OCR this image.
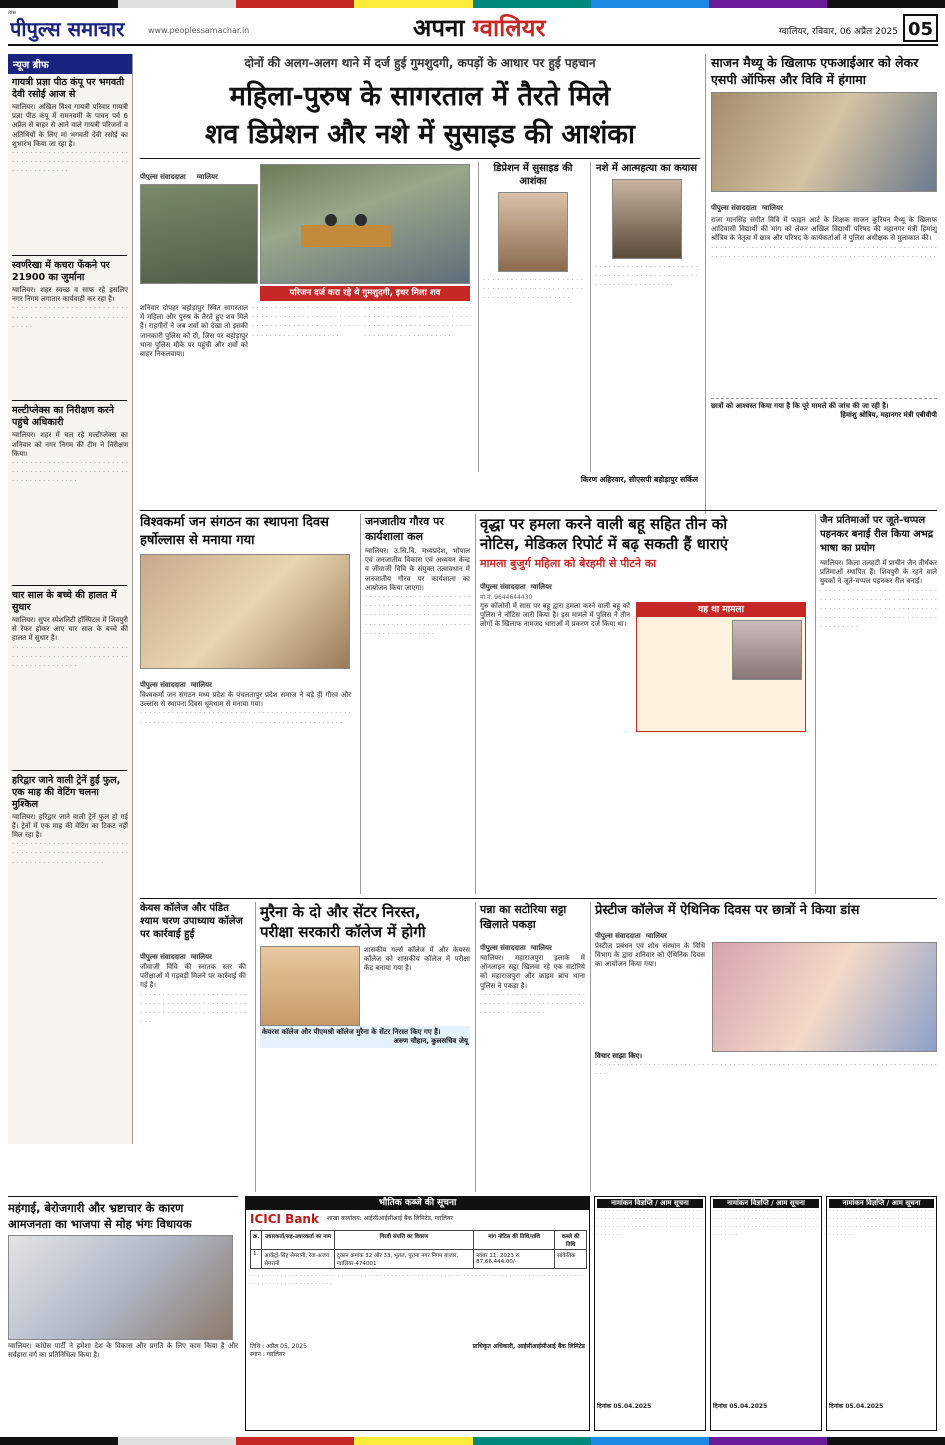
लेटेस्ट
पीपुल्स समाचार	www.peoplessamachar.in	अपना ग्वालियर	ग्वालियर, रविवार, 06 अप्रैल 2025 05
न्यूज ब्रीफ
गायत्री प्रज्ञा पीठ कंपू पर भगवती देवी रसोई आज से
ग्वालियर। अखिल विश्व गायत्री परिवार गायत्री प्रज्ञा पीठ कंपू में रामनवमी के पावन पर्व 6 अप्रैल से बाहर से आने वाले गायत्री परिजनों व अतिथियों के लिए मां भगवती देवी रसोई का शुभारंभ किया जा रहा है।
· · · · · · · · · · · · · · · · · · · · · · · · · · · · · · · · · · · · · · · · · · · · · · · · · · · · · · · · · · · · · · · · ·
स्वर्णरेखा में कचरा फेंकने पर 21900 का जुर्माना
ग्वालियर। शहर स्वच्छ व साफ रहे इसलिए नगर निगम लगातार कार्यवाही कर रहा है।
· · · · · · · · · · · · · · · · · · · · · · · · · · · · · · · · · · · · · · · · · · · · · · · · · · · · · · · · ·
मल्टीप्लेक्स का निरीक्षण करने पहुंचे अधिकारी
ग्वालियर। शहर में चल रहे मल्टीप्लेक्स का शनिवार को नगर निगम की टीम ने निरीक्षण किया।
· · · · · · · · · · · · · · · · · · · · · · · · · · · · · · · · · · · · · · · · · · · · · · · · · · · · · · · · · · · · · · · · · · ·
चार साल के बच्चे की हालत में सुधार
ग्वालियर। सुपर स्पेशलिटी हॉस्पिटल में शिवपुरी से रेफर होकर आए चार साल के बच्चे की हालत में सुधार है।
· · · · · · · · · · · · · · · · · · · · · · · · · · · · · · · · · · · · · · · · · · · · · · · · · · · · · · · · · · · · · · · · · · ·
हरिद्वार जाने वाली ट्रेनें हुईं फुल, एक माह की वेटिंग चलना मुश्किल
ग्वालियर। हरिद्वार जाने वाली ट्रेनें फुल हो गई हैं। ट्रेनों में एक माह की वेटिंग का टिकट नहीं मिल रहा है।
· · · · · · · · · · · · · · · · · · · · · · · · · · · · · · · · · · · · · · · · · · · · · · · · · · · · · · · · · · · · · · · · · · · · · · · · ·
दोनों की अलग-अलग थाने में दर्ज हुई गुमशुदगी, कपड़ों के आधार पर हुई पहचान
महिला-पुरुष के सागरताल में तैरते मिले
शव डिप्रेशन और नशे में सुसाइड की आशंका
पीपुल्स संवाददाता ग्वालियर
परिजन दर्ज करा रहे थे गुमशुदगी, इधर मिला शव
शनिवार दोपहर बहोड़ापुर स्थित सागरताल में महिला और पुरुष के तैरते हुए शव मिले हैं। राहगीरों ने जब शवों को देखा तो इसकी जानकारी पुलिस को दी, जिस पर बहोड़ापुर थाना पुलिस मौके पर पहुंची और शवों को बाहर निकलवाया।
· · · · · · · · · · · · · · · · · · · · · · · · · · · · · · · · · · · · · · · · · · · · · · · · · · · · · · · · · · · · · · · · · · · · · · · · · · · · · · · · · · · · · · · · · · · ·
· · · · · · · · · · · · · · · · · · · · · · · · · · · · · · · · · · · · · · · · · · · · · · · · · · · · · · · · · · · · · · · · · · · · · · · · · · · · · · · · · · · · · · · · · · · ·
डिप्रेशन में सुसाइड की आशंका
· · · · · · · · · · · · · · · · · · · · · · · · · · · · · · · · · · · · · · · · · · · · · · · · · · · · · · · · · · · · · · · ·
नशे में आत्महत्या का कयास
· · · · · · · · · · · · · · · · · · · · · · · · · · · · · · · · · · · · · · · · · · · · · · · · · · · · · · · · · · · · · · · ·
किरण अहिरवार, सीएसपी बहोड़ापुर सर्किल
साजन मैथ्यू के खिलाफ एफआईआर को लेकर एसपी ऑफिस और विवि में हंगामा
पीपुल्स संवाददाता ग्वालियर
राजा मानसिंह संगीत विवि में फाइन आर्ट के शिक्षक साजन कुरियन मैथ्यू के खिलाफ आदिवासी विद्यार्थी की मांग को लेकर अखिल विद्यार्थी परिषद की महानगर मंत्री हिमांशु श्रोत्रिय के नेतृत्व में छात्र और परिषद के कार्यकर्ताओं ने पुलिस अधीक्षक से मुलाकात की।
· · · · · · · · · · · · · · · · · · · · · · · · · · · · · · · · · · · · · · · · · · · · · · · · · · · · · · · · · · · · · · · · · · · · · · · · · · · · · · · · · · · · · · · · · · · · · · · · · · · · · ·
छात्रों को आश्वस्त किया गया है कि पूरे मामले की जांच की जा रही है।
हिमांशु श्रोत्रिय, महानगर मंत्री एबीवीपी
विश्वकर्मा जन संगठन का स्थापना दिवस हर्षोल्लास से मनाया गया
पीपुल्स संवाददाता ग्वालियर
विश्वकर्मा जन संगठन मध्य प्रदेश के पंचलतापुर प्रदेश समाज ने बड़े ही गौरव और उल्लास से स्थापना दिवस धूमधाम से मनाया गया।
· · · · · · · · · · · · · · · · · · · · · · · · · · · · · · · · · · · · · · · · · · · · · · · · · · · · · · · · · · · · · · · · · · · · · · · · · · · · · · · · · · · · · · · · · · · · ·
जनजातीय गौरव पर कार्यशाला कल
ग्वालियर। उ.सि.वि. मध्यप्रदेश, भोपाल एवं जनजातीय विकास एवं अध्ययन केन्द्र व जीवाजी विवि के संयुक्त तत्वावधान में जनजातीय गौरव पर कार्यशाला का आयोजन किया जाएगा।
· · · · · · · · · · · · · · · · · · · · · · · · · · · · · · · · · · · · · · · · · · · · · · · · · · · · · · · · · · · · · · · · · · · · · · · · · · · · · · · · · · · · · · · · · · · · · · · · · · · · · · · · · · · · · · · ·
वृद्धा पर हमला करने वाली बहू सहित तीन को
नोटिस, मेडिकल रिपोर्ट में बढ़ सकती हैं धाराएं
मामला बुजुर्ग महिला को बेरहमी से पीटने का
पीपुल्स संवाददाता ग्वालियर
मो.नं. 9644644430
गुरु कॉलोनी में सास पर बहू द्वारा हमला करने वाली बहू को पुलिस ने नोटिस जारी किया है। इस मामले में पुलिस ने तीन लोगों के खिलाफ नामजद धाराओं में प्रकरण दर्ज किया था।
यह था मामला
जैन प्रतिमाओं पर जूते-चप्पल पहनकर बनाई रील किया अभद्र भाषा का प्रयोग
ग्वालियर। किला तलहटी में प्राचीन जैन तीर्थंकर प्रतिमाओं स्थापित हैं। शिवपुरी के रहने वाले युवकों ने जूते-चप्पल पहनकर रील बनाई।
· · · · · · · · · · · · · · · · · · · · · · · · · · · · · · · · · · · · · · · · · · · · · · · · · · · · · · · · · · · · · · · · · · · · · · · · · · · · · · · · · · · · · · · · · · · · · · · · · · · · · · · · · · · · · · · · ·
केयस कॉलेज और पंडित श्याम चरण उपाध्याय कॉलेज पर कार्रवाई हुई
पीपुल्स संवाददाता ग्वालियर
जीवाजी विवि की स्नातक स्तर की परीक्षाओं में गड़बड़ी मिलने पर कार्रवाई की गई है।
· · · · · · · · · · · · · · · · · · · · · · · · · · · · · · · · · · · · · · · · · · · · · · · · · · · · · · · · · · · · · · · · · · · · · · · · · · ·
मुरैना के दो और सेंटर निरस्त,
परीक्षा सरकारी कॉलेज में होगी
शासकीय गर्ल्स कॉलेज में और केयरस कॉलेज को शासकीय कॉलेज में परीक्षा केंद्र बनाया गया है।
केयरस कॉलेज और पीएमश्री कॉलेज मुरैना के सेंटर निरस्त किए गए हैं।
अरुण चौहान, कुलसचिव जेयू
पन्ना का सटोरिया सट्टा खिलाते पकड़ा
पीपुल्स संवाददाता ग्वालियर
ग्वालियर। महाराजपुरा इलाके में ऑनलाइन सट्टा खिलवा रहे एक सटोरिये को महाराजपुरा और क्राइम ब्रांच थाना पुलिस ने पकड़ा है।
· · · · · · · · · · · · · · · · · · · · · · · · · · · · · · · · · · · · · · · · · · · · · · · · · · · · · · · · · · · · · · ·
प्रेस्टीज कॉलेज में ऐथिनिक दिवस पर छात्रों ने किया डांस
पीपुल्स संवाददाता ग्वालियर
प्रेस्टीज प्रबंधन एवं शोध संस्थान के विधि विभाग के द्वारा शनिवार को ऐथिनिक दिवस का आयोजन किया गया।
विचार साझा किए।
· · · · · · · · · · · · · · · · · · · · · · · · · · · · · · · · · · · · · · · · · · · · · · · · · · · · · · · · · · · · · · · · · · · · · · · · · · · · · · · ·
महंगाई, बेरोजगारी और भ्रष्टाचार के कारण
आमजनता का भाजपा से मोह भंगः विधायक
ग्वालियर। कांग्रेस पार्टी ने हमेशा देश के विकास और प्रगति के लिए काम किया है और सर्वहारा वर्ग का प्रतिनिधित्व किया है।
भौतिक कब्जे की सूचना
ICICI Bank शाखा कार्यालय: आईसीआईसीआई बैंक लिमिटेड, ग्वालियर
क्र.	उधारकर्ता/सह-उधारकर्ता का नाम	गिरवी संपत्ति का विवरण	मांग नोटिस की तिथि/राशि	कब्जे की तिथि
1.	आर्कट्रो-सिंह सेमरानी, रेवा-अजय सेमरानी	दुकान क्रमांक 32 और 33, भूतल, पुराना नगर निगम बाजार, ग्वालियर-474001	नवंबर 11, 2023 रु. 87,66,444.00/-	सांकेतिक
· · · · · · · · · · · · · · · · · · · · · · · · · · · · · · · · · · · · · · · · · · · · · · · · · · · · · · · · · · · · · · · · · · · · · · · · · · · · · · · · · · · · · · · · · · · · · · · · · · · · · · · · · · · · · ·
तिथि : अप्रैल 05, 2025
स्थान : ग्वालियर
प्राधिकृत अधिकारी, आईसीआईसीआई बैंक लिमिटेड
नामांकन विज्ञप्ति / आम सूचना
· · · · · · · · · · · · · · · · · · · · · · · · · · · · · · · · · · · · · · · · · · · · · · · · · · · · · · · · · · · · · · · · · · · · · · · · · · · · · · · · · · · · · · · · · · ·
दिनांक 05.04.2025
नामांकन विज्ञप्ति / आम सूचना
· · · · · · · · · · · · · · · · · · · · · · · · · · · · · · · · · · · · · · · · · · · · · · · · · · · · · · · · · · · · · · · · · · · · · · · · · · · · · · · · · · · · · · · · · · ·
दिनांक 05.04.2025
नामांकन विज्ञप्ति / आम सूचना
· · · · · · · · · · · · · · · · · · · · · · · · · · · · · · · · · · · · · · · · · · · · · · · · · · · · · · · · · · · · · · · · · · · · · · · · · · · · · · · · · · · · · · · · · · ·
दिनांक 05.04.2025
